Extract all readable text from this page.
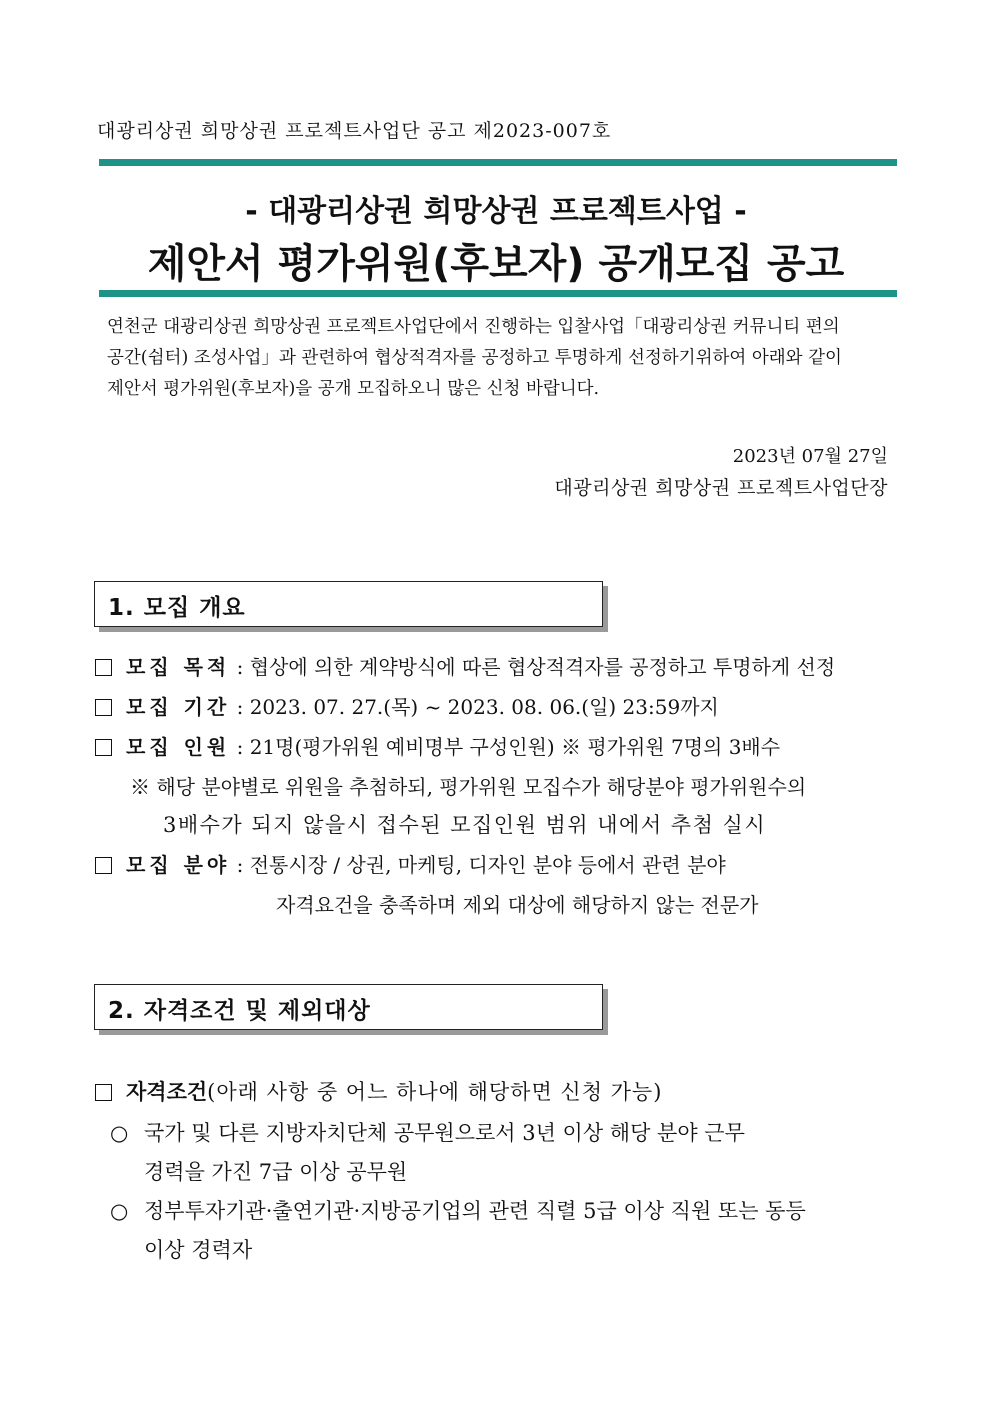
대광리상권 희망상권 프로젝트사업단 공고 제2023-007호
- 대광리상권 희망상권 프로젝트사업 -
제안서 평가위원(후보자) 공개모집 공고

연천군 대광리상권 희망상권 프로젝트사업단에서 진행하는 입찰사업「대광리상권 커뮤니티 편의

공간(쉼터) 조성사업」과 관련하여 협상적격자를 공정하고 투명하게 선정하기위하여 아래와 같이

제안서 평가위원(후보자)을 공개 모집하오니 많은 신청 바랍니다.

2023년 07월 27일
대광리상권 희망상권 프로젝트사업단장
1. 모집 개요
모집 목적 : 협상에 의한 계약방식에 따른 협상적격자를 공정하고 투명하게 선정
모집 기간 : 2023. 07. 27.(목) ~ 2023. 08. 06.(일) 23:59까지
모집 인원 : 21명(평가위원 예비명부 구성인원) ※ 평가위원 7명의 3배수
※ 해당 분야별로 위원을 추첨하되, 평가위원 모집수가 해당분야 평가위원수의
3배수가 되지 않을시 접수된 모집인원 범위 내에서 추첨 실시
모집 분야 : 전통시장 / 상권, 마케팅, 디자인 분야 등에서 관련 분야
자격요건을 충족하며 제외 대상에 해당하지 않는 전문가
2. 자격조건 및 제외대상
자격조건(아래 사항 중 어느 하나에 해당하면 신청 가능)
○ 국가 및 다른 지방자치단체 공무원으로서 3년 이상 해당 분야 근무
경력을 가진 7급 이상 공무원
○ 정부투자기관·출연기관·지방공기업의 관련 직렬 5급 이상 직원 또는 동등
이상 경력자
